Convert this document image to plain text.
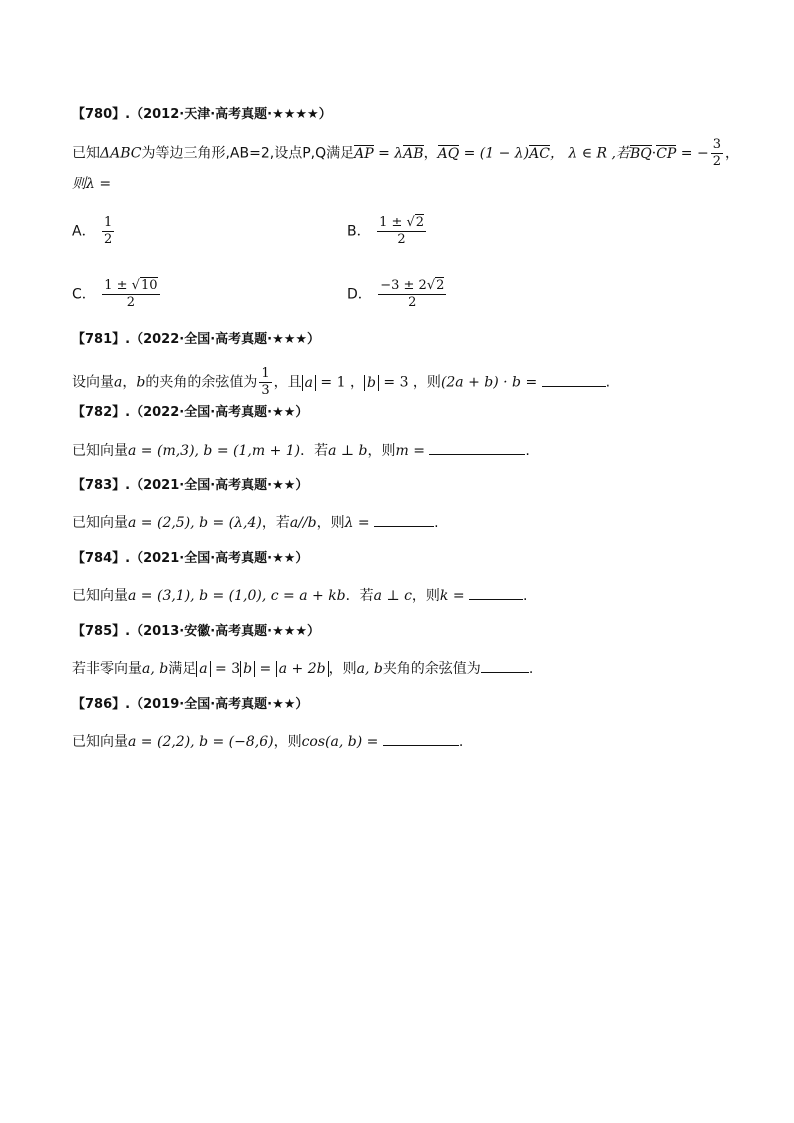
【780】.（2012·天津·高考真题·★★★★）
已知ΔABC为等边三角形,AB=2,设点P,Q满足AP = λAB，AQ = (1 − λ)AC， λ ∈ R ,若BQ·CP = − $\frac{3}{2}$ ，
则λ =
A． $\frac{1}{2}$	B． $\frac{1 \pm √2}{2}$
C． $\frac{1 \pm √10}{2}$	D． $\frac{-3 \pm 2√2}{2}$
【781】.（2022·全国·高考真题·★★★）
设向量a，b的夹角的余弦值为 $\frac{1}{3}$ ，且 a = 1 ， b = 3 ，则(2a + b) · b =	.
【782】.（2022·全国·高考真题·★★）
已知向量a = (m,3), b = (1,m + 1)．若a ⊥ b，则m =	.
【783】.（2021·全国·高考真题·★★）
已知向量a = (2,5), b = (λ,4)，若a//b，则λ =	.
【784】.（2021·全国·高考真题·★★）
已知向量a = (3,1), b = (1,0), c = a + kb．若a ⊥ c，则k =	.
【785】.（2013·安徽·高考真题·★★★）
若非零向量a, b满足 a = 3 b = a + 2b ，则a, b夹角的余弦值为	.
【786】.（2019·全国·高考真题·★★）
已知向量a = (2,2), b = (−8,6)，则cos(a, b) =	.
